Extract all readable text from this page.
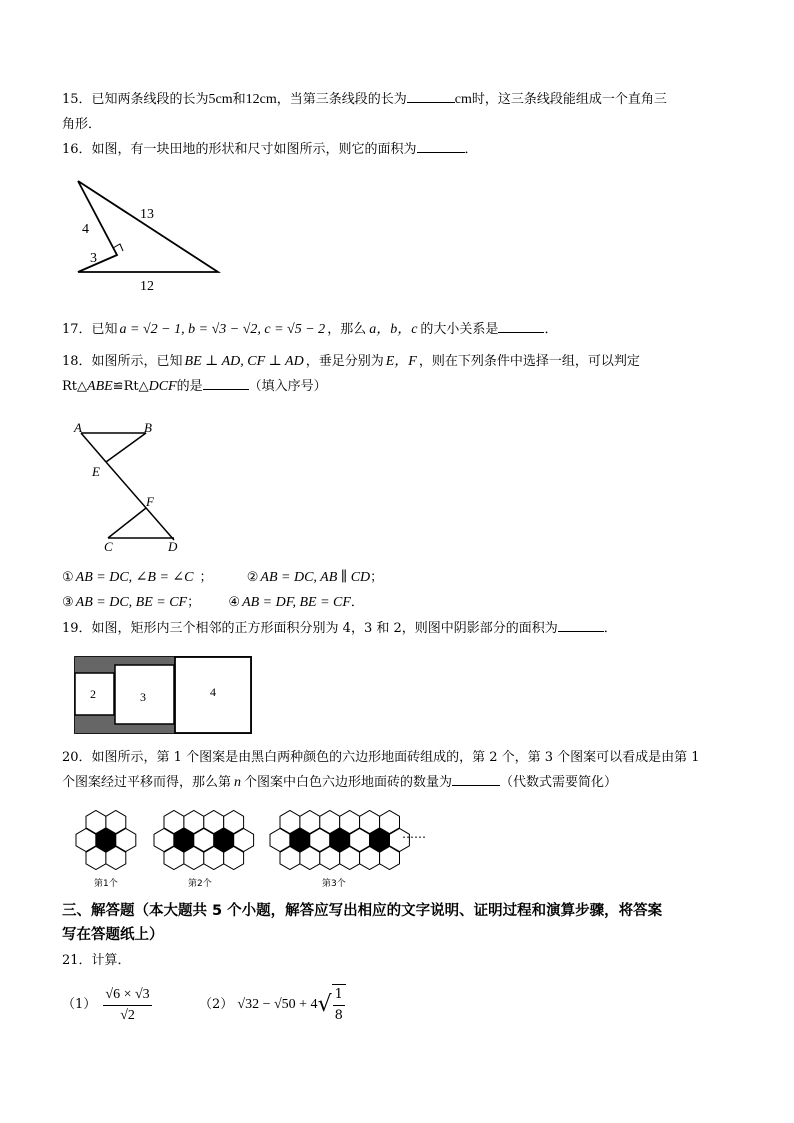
15．已知两条线段的长为5cm和12cm，当第三条线段的长为	cm时，这三条线段能组成一个直角三
角形．
16．如图，有一块田地的形状和尺寸如图所示，则它的面积为	．
4
3
13
12
17．已知 a = √2 − 1, b = √3 − √2, c = √5 − 2 ，那么 a，b，c 的大小关系是	．
18．如图所示，已知 BE ⊥ AD, CF ⊥ AD ，垂足分别为 E，F ，则在下列条件中选择一组，可以判定
Rt△ABE≌Rt△DCF的是	（填入序号）
A	B
E
F
C	D
① AB = DC, ∠B = ∠C ；	② AB = DC, AB ∥ CD；
③ AB = DC, BE = CF； ④ AB = DF, BE = CF．
19．如图，矩形内三个相邻的正方形面积分别为 4，3 和 2，则图中阴影部分的面积为	．
2	3	4
20．如图所示，第 1 个图案是由黑白两种颜色的六边形地面砖组成的，第 2 个，第 3 个图案可以看成是由第 1
个图案经过平移而得，那么第 n 个图案中白色六边形地面砖的数量为	（代数式需要简化）
……
第1个	第2个	第3个
三、解答题（本大题共 5 个小题，解答应写出相应的文字说明、证明过程和演算步骤，将答案
写在答题纸上）
21．计算．
$(1) \frac{√6 \times √3}{√2}$	（2） $√32 - √50 + 4√ \frac{1}{8}$
